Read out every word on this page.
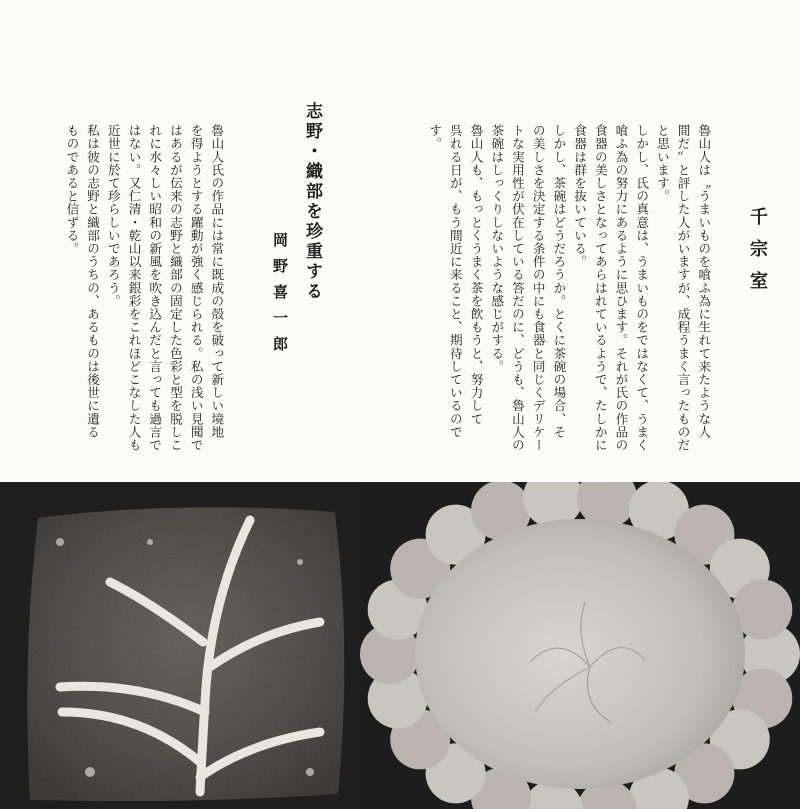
千宗室

魯山人は〝うまいものを喰ふ為に生れて来たような人
間だ〟と評した人がいますが、成程うまく言ったものだ
と思います。
しかし、氏の真意は、うまいものをではなくて、うまく
喰ふ為の努力にあるように思ひます。それが氏の作品の
食器の美しさとなってあらはれているようで、たしかに
食器は群を抜いている。
しかし、茶碗はどうだろうか。とくに茶碗の場合、そ
の美しさを決定する条件の中にも食器と同じくデリケー
トな実用性が伏在している答だのに、どうも、魯山人の
茶碗はしっくりしないような感じがする。
魯山人も、もっとくうまく茶を飲もうと、努力して
呉れる日が、もう間近に来ること、期待しているので
す。

志野・織部を珍重する
岡野喜一郎

魯山人氏の作品には常に既成の殻を破って新しい境地
を得ようとする躍動が強く感じられる。私の浅い見聞で
はあるが伝来の志野と織部の固定した色彩と型を脱しこ
れに水々しい昭和の新風を吹き込んだと言っても過言で
はない。又仁清・乾山以来銀彩をこれほどこなした人も
近世に於て珍らしいであろう。
私は彼の志野と織部のうちの、あるものは後世に遺る
ものであると信ずる。
